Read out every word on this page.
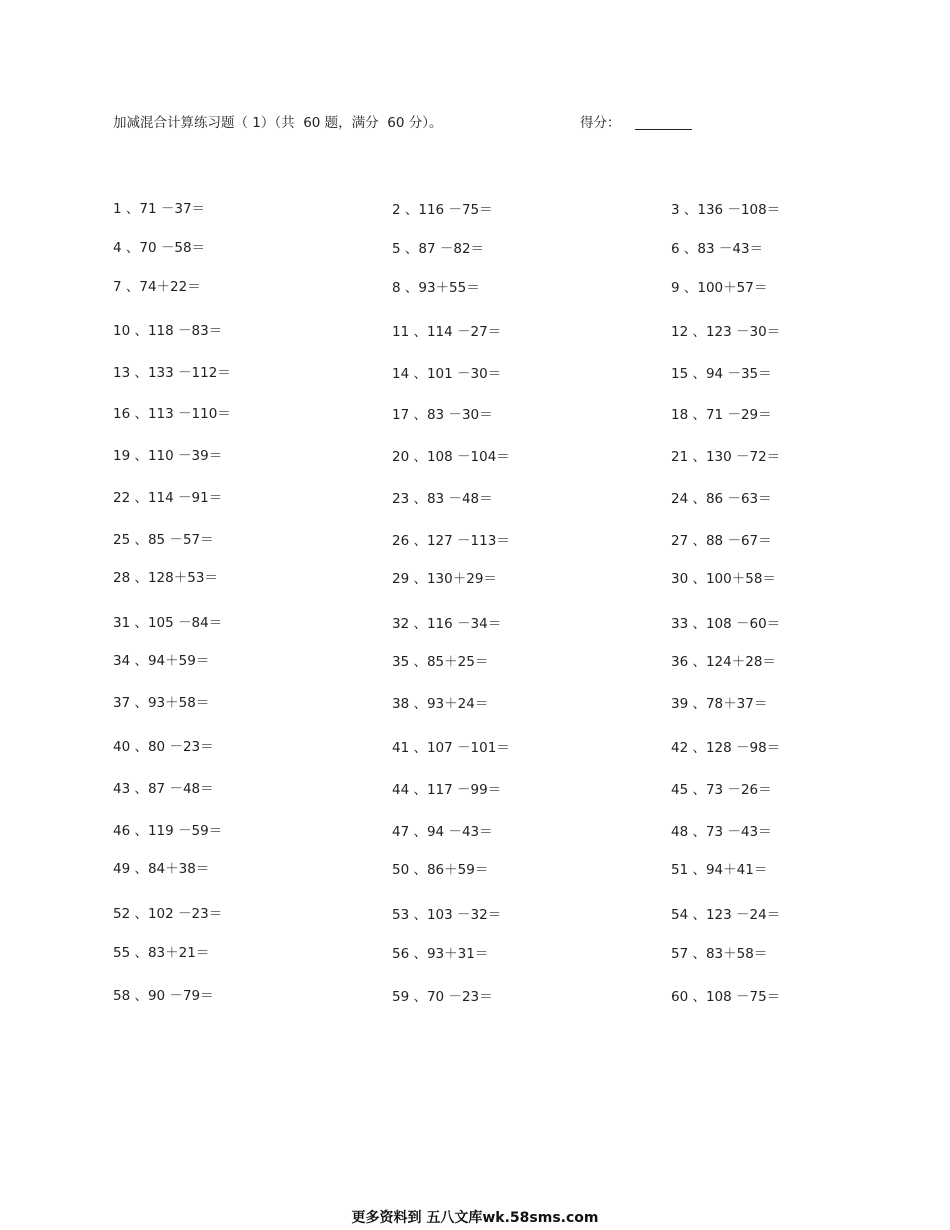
加减混合计算练习题（ 1）（共  60 题，满分  60 分）。	得分：
1 、71 －37＝	2 、116 －75＝	3 、136 －108＝
4 、70 －58＝	5 、87 －82＝	6 、83 －43＝
7 、74＋22＝	8 、93＋55＝	9 、100＋57＝
10 、118 －83＝	11 、114 －27＝	12 、123 －30＝
13 、133 －112＝	14 、101 －30＝	15 、94 －35＝
16 、113 －110＝	17 、83 －30＝	18 、71 －29＝
19 、110 －39＝	20 、108 －104＝	21 、130 －72＝
22 、114 －91＝	23 、83 －48＝	24 、86 －63＝
25 、85 －57＝	26 、127 －113＝	27 、88 －67＝
28 、128＋53＝	29 、130＋29＝	30 、100＋58＝
31 、105 －84＝	32 、116 －34＝	33 、108 －60＝
34 、94＋59＝	35 、85＋25＝	36 、124＋28＝
37 、93＋58＝	38 、93＋24＝	39 、78＋37＝
40 、80 －23＝	41 、107 －101＝	42 、128 －98＝
43 、87 －48＝	44 、117 －99＝	45 、73 －26＝
46 、119 －59＝	47 、94 －43＝	48 、73 －43＝
49 、84＋38＝	50 、86＋59＝	51 、94＋41＝
52 、102 －23＝	53 、103 －32＝	54 、123 －24＝
55 、83＋21＝	56 、93＋31＝	57 、83＋58＝
58 、90 －79＝	59 、70 －23＝	60 、108 －75＝
更多资料到 五八文库wk.58sms.com
